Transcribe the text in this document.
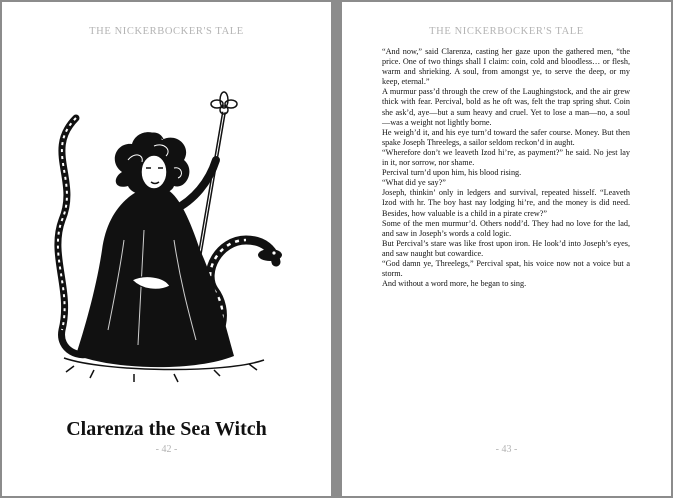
THE NICKERBOCKER'S TALE
Clarenza the Sea Witch
- 42 -
THE NICKERBOCKER'S TALE

“And now,” said Clarenza, casting her gaze upon the gathered men, “the price. One of two things shall I claim: coin, cold and bloodless… or flesh, warm and shrieking. A soul, from amongst ye, to serve the deep, or my keep, eternal.”

A murmur pass’d through the crew of the Laughingstock, and the air grew thick with fear. Percival, bold as he oft was, felt the trap spring shut. Coin she ask’d, aye—but a sum heavy and cruel. Yet to lose a man—no, a soul—was a weight not lightly borne.

He weigh’d it, and his eye turn’d toward the safer course. Money. But then spake Joseph Threelegs, a sailor seldom reckon’d in aught.

“Wherefore don’t we leaveth Izod hi’re, as payment?” he said. No jest lay in it, nor sorrow, nor shame.

Percival turn’d upon him, his blood rising.

“What did ye say?”

Joseph, thinkin’ only in ledgers and survival, repeated hisself. “Leaveth Izod with hr. The boy hast nay lodging hi’re, and the money is did need. Besides, how valuable is a child in a pirate crew?”

Some of the men murmur’d. Others nodd’d. They had no love for the lad, and saw in Joseph’s words a cold logic.

But Percival’s stare was like frost upon iron. He look’d into Joseph’s eyes, and saw naught but cowardice.

“God damn ye, Threelegs,” Percival spat, his voice now not a voice but a storm.

And without a word more, he began to sing.

- 43 -
